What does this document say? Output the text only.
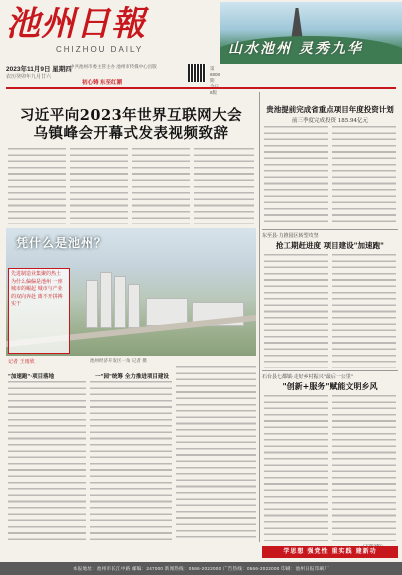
池州日報
CHIZHOU DAILY	山水池州 灵秀九华
2023年11月9日 星期四
农历癸卯年九月廿六
中共池州市委主管主办 池州市传媒中心出版
初心铸 东至红潮
第 8808 期 8版
习近平向2023年世界互联网大会
乌镇峰会开幕式发表视频致辞
贵池提前完成省重点项目年度投资计划
前三季度完成投资 185.94亿元
东至县·力推园区转型攻坚
抢工期赶进度 项目建设"加速跑"
石台县七都镇·走好乡村振兴"最后一公里"
"创新+服务"赋能文明乡风
凭什么是池州？
先进制造业集聚的热土 为什么偏偏是池州 一座城市的崛起 城市与产业的双向奔赴 离不开拼搏实干
记者 王雨欣	池州经济开发区一角 记者 摄
"加速跑"·项目落地	一"园"统筹 全力推进项目建设
学思想 强党性 重实践 建新功
本报地址：池州市长江中路 邮编：247000 新闻热线：0566-2022000 广告热线：0566-2022000 印刷：池州日报印刷厂
